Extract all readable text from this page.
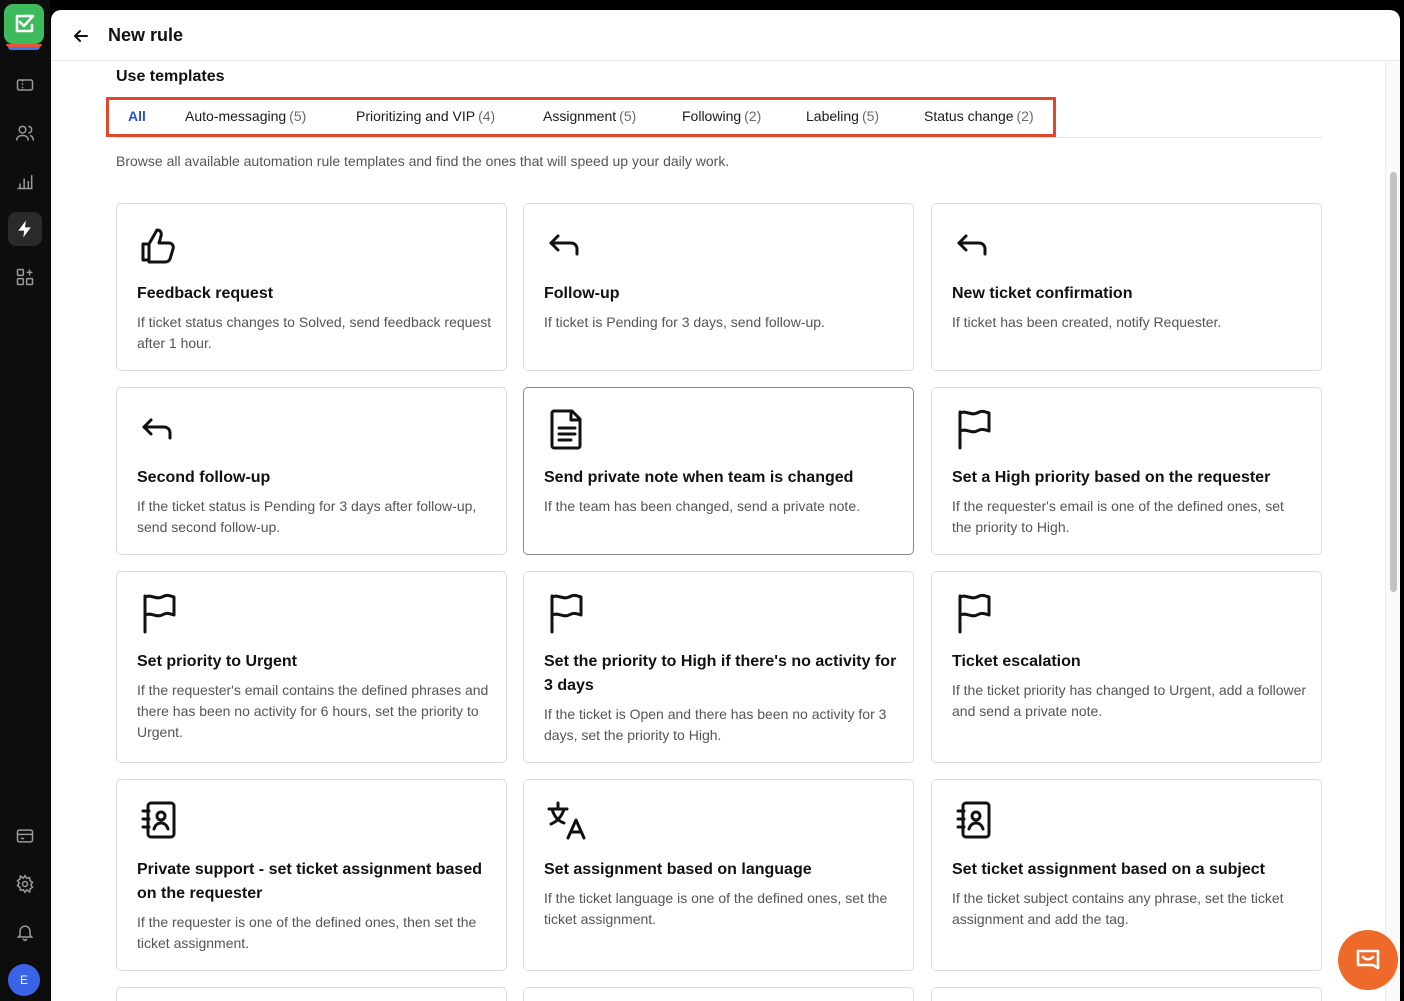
E
New rule
Use templates
All	Auto-messaging (5)	Prioritizing and VIP (4)	Assignment (5)	Following (2)	Labeling (5)	Status change (2)
Browse all available automation rule templates and find the ones that will speed up your daily work.
Feedback request
If ticket status changes to Solved, send feedback request after 1 hour.
Follow-up
If ticket is Pending for 3 days, send follow-up.
New ticket confirmation
If ticket has been created, notify Requester.
Second follow-up
If the ticket status is Pending for 3 days after follow-up, send second follow-up.
Send private note when team is changed
If the team has been changed, send a private note.
Set a High priority based on the requester
If the requester's email is one of the defined ones, set the priority to High.
Set priority to Urgent
If the requester's email contains the defined phrases and there has been no activity for 6 hours, set the priority to Urgent.
Set the priority to High if there's no activity for 3 days
If the ticket is Open and there has been no activity for 3 days, set the priority to High.
Ticket escalation
If the ticket priority has changed to Urgent, add a follower and send a private note.
Private support - set ticket assignment based on the requester
If the requester is one of the defined ones, then set the ticket assignment.
Set assignment based on language
If the ticket language is one of the defined ones, set the ticket assignment.
Set ticket assignment based on a subject
If the ticket subject contains any phrase, set the ticket assignment and add the tag.
